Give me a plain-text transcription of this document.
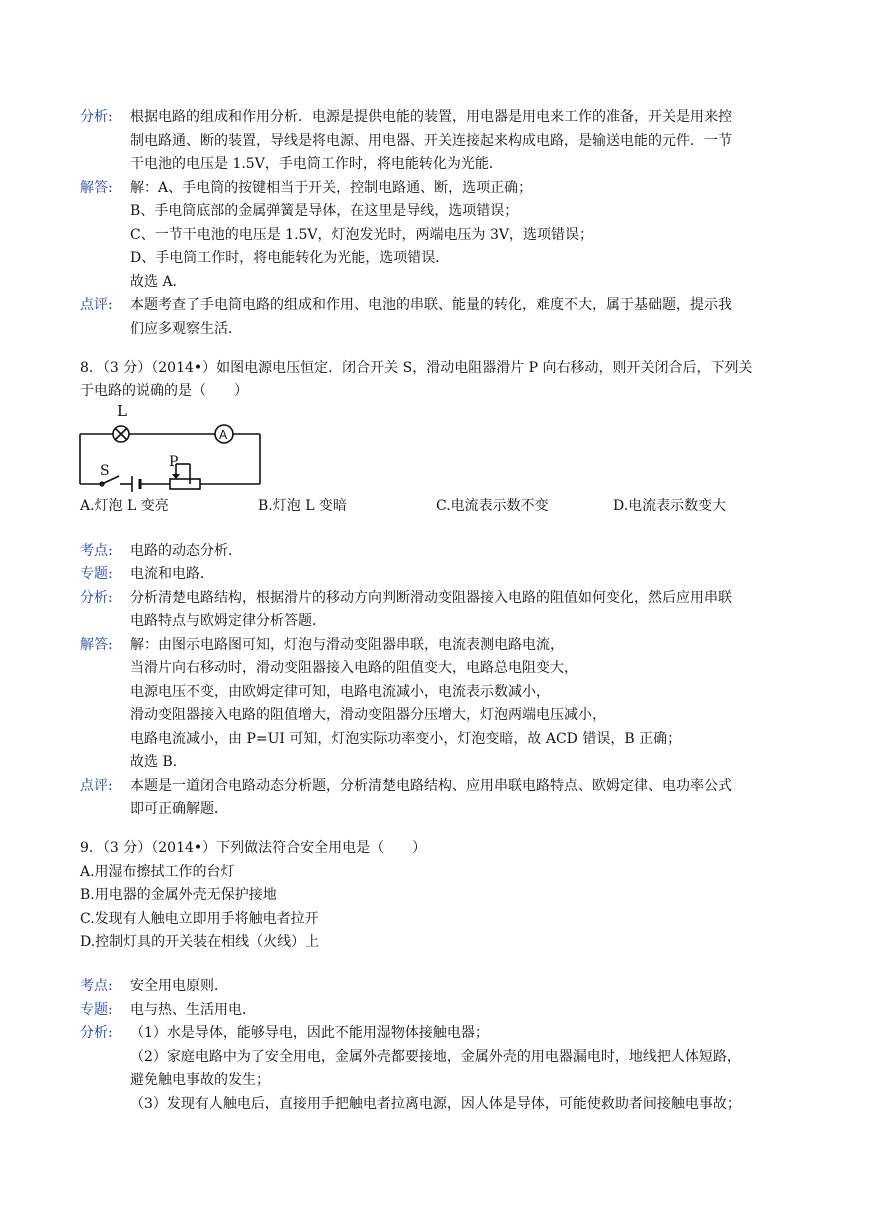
分析: 根据电路的组成和作用分析．电源是提供电能的装置，用电器是用电来工作的准备，开关是用来控
制电路通、断的装置，导线是将电源、用电器、开关连接起来构成电路，是输送电能的元件．一节
干电池的电压是 1.5V，手电筒工作时，将电能转化为光能．
解答: 解：A、手电筒的按键相当于开关，控制电路通、断，选项正确；
B、手电筒底部的金属弹簧是导体，在这里是导线，选项错误；
C、一节干电池的电压是 1.5V，灯泡发光时，两端电压为 3V，选项错误；
D、手电筒工作时，将电能转化为光能，选项错误．
故选 A．
点评: 本题考查了手电筒电路的组成和作用、电池的串联、能量的转化，难度不大，属于基础题，提示我
们应多观察生活．
8．（3 分）（2014•）如图电源电压恒定．闭合开关 S，滑动电阻器滑片 P 向右移动，则开关闭合后，下列关
于电路的说确的是（　　）
L
A
S
P
A.灯泡 L 变亮	B.灯泡 L 变暗	C.电流表示数不变	D.电流表示数变大
考点: 电路的动态分析．
专题: 电流和电路．
分析: 分析清楚电路结构，根据滑片的移动方向判断滑动变阻器接入电路的阻值如何变化，然后应用串联
电路特点与欧姆定律分析答题．
解答: 解：由图示电路图可知，灯泡与滑动变阻器串联，电流表测电路电流，
当滑片向右移动时，滑动变阻器接入电路的阻值变大，电路总电阻变大，
电源电压不变，由欧姆定律可知，电路电流减小，电流表示数减小，
滑动变阻器接入电路的阻值增大，滑动变阻器分压增大，灯泡两端电压减小，
电路电流减小，由 P=UI 可知，灯泡实际功率变小，灯泡变暗，故 ACD 错误，B 正确；
故选 B．
点评: 本题是一道闭合电路动态分析题，分析清楚电路结构、应用串联电路特点、欧姆定律、电功率公式
即可正确解题．
9．（3 分）（2014•）下列做法符合安全用电是（　　）
A.用湿布擦拭工作的台灯
B.用电器的金属外壳无保护接地
C.发现有人触电立即用手将触电者拉开
D.控制灯具的开关装在相线（火线）上
考点: 安全用电原则．
专题: 电与热、生活用电．
分析: （1）水是导体，能够导电，因此不能用湿物体接触电器；
（2）家庭电路中为了安全用电，金属外壳都要接地，金属外壳的用电器漏电时，地线把人体短路，
避免触电事故的发生；
（3）发现有人触电后，直接用手把触电者拉离电源，因人体是导体，可能使救助者间接触电事故；
